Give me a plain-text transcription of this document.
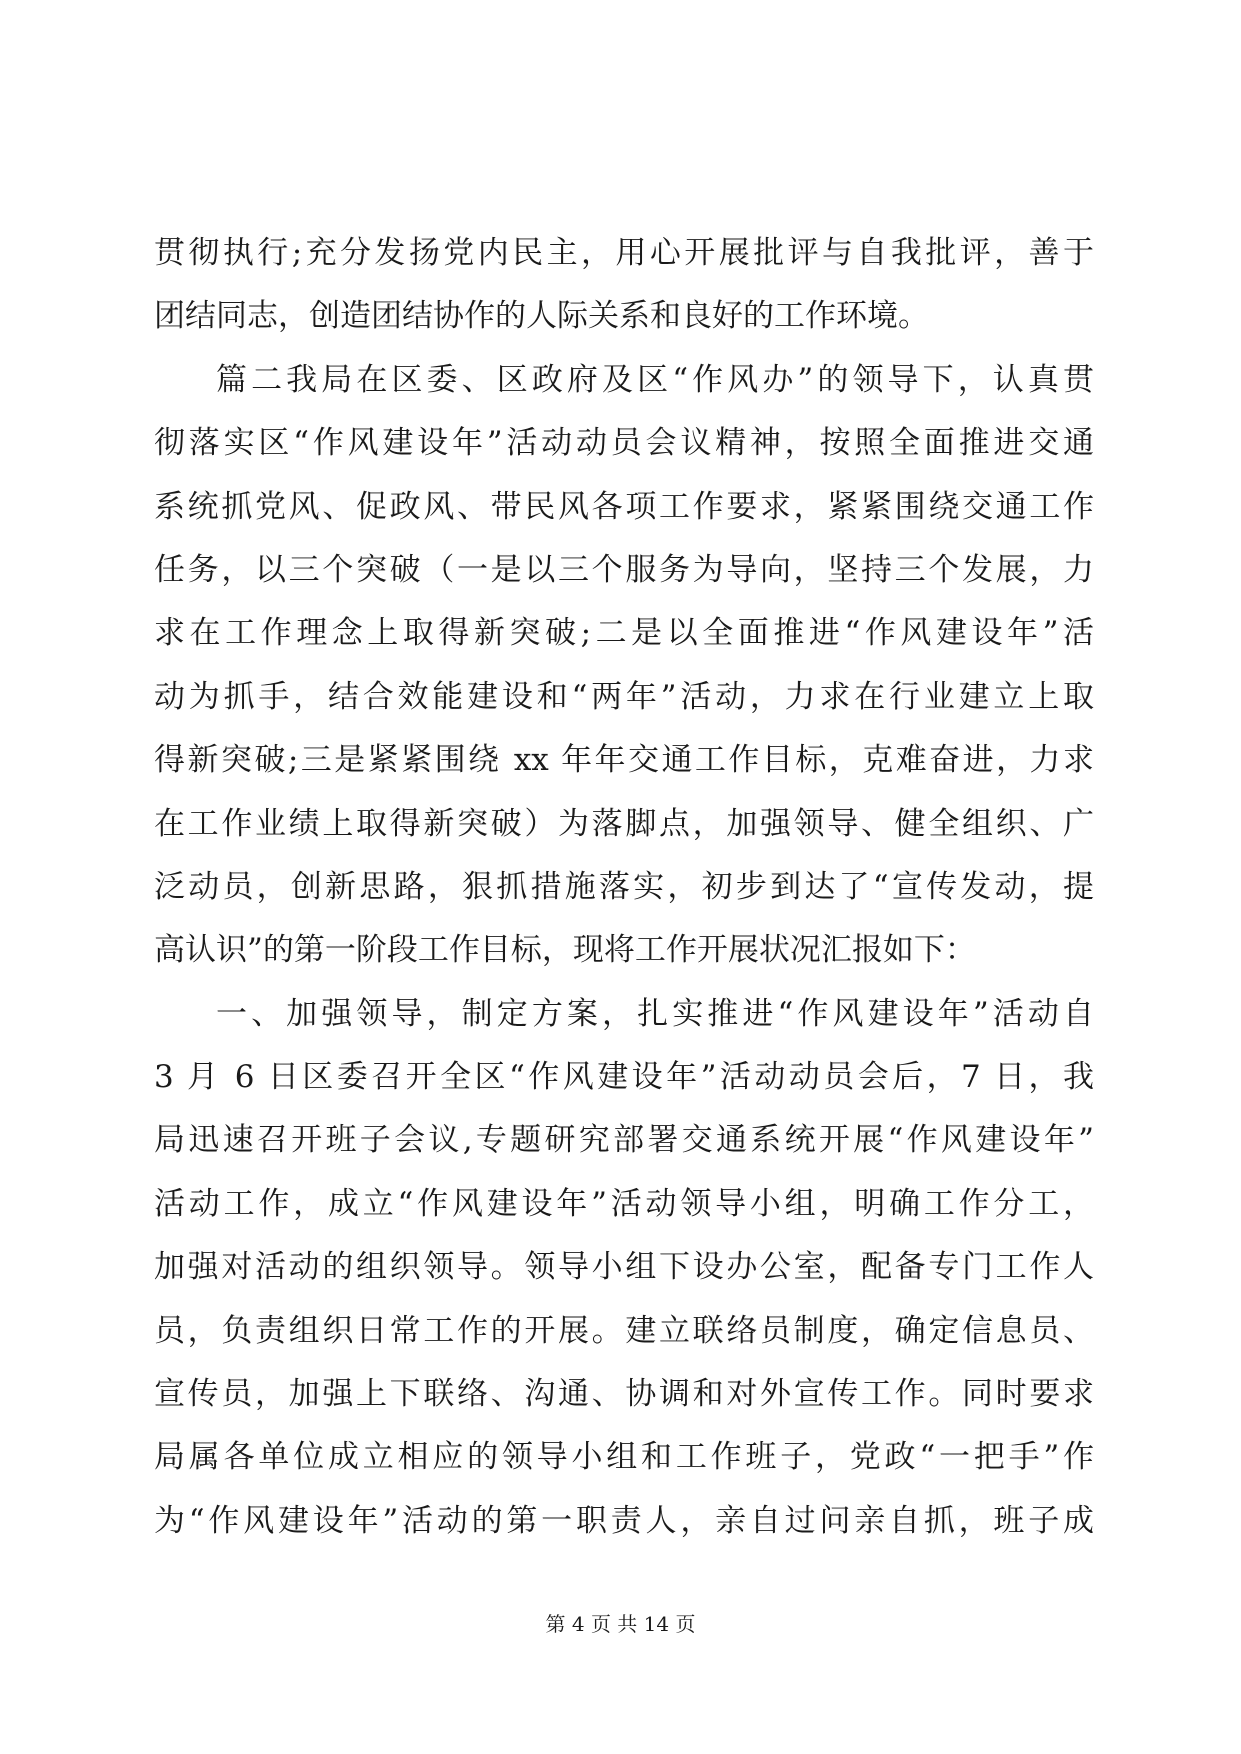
贯彻执行;充分发扬党内民主，用心开展批评与自我批评，善于
团结同志，创造团结协作的人际关系和良好的工作环境。
篇二我局在区委、区政府及区“作风办”的领导下，认真贯
彻落实区“作风建设年”活动动员会议精神，按照全面推进交通
系统抓党风、促政风、带民风各项工作要求，紧紧围绕交通工作
任务，以三个突破（一是以三个服务为导向，坚持三个发展，力
求在工作理念上取得新突破;二是以全面推进“作风建设年”活
动为抓手，结合效能建设和“两年”活动，力求在行业建立上取
得新突破;三是紧紧围绕 xx 年年交通工作目标，克难奋进，力求
在工作业绩上取得新突破）为落脚点，加强领导、健全组织、广
泛动员，创新思路，狠抓措施落实，初步到达了“宣传发动，提
高认识”的第一阶段工作目标，现将工作开展状况汇报如下：
一、加强领导，制定方案，扎实推进“作风建设年”活动自
3 月 6 日区委召开全区“作风建设年”活动动员会后，7 日，我
局迅速召开班子会议,专题研究部署交通系统开展“作风建设年”
活动工作，成立“作风建设年”活动领导小组，明确工作分工，
加强对活动的组织领导。领导小组下设办公室，配备专门工作人
员，负责组织日常工作的开展。建立联络员制度，确定信息员、
宣传员，加强上下联络、沟通、协调和对外宣传工作。同时要求
局属各单位成立相应的领导小组和工作班子，党政“一把手”作
为“作风建设年”活动的第一职责人，亲自过问亲自抓，班子成
第 4 页 共 14 页
